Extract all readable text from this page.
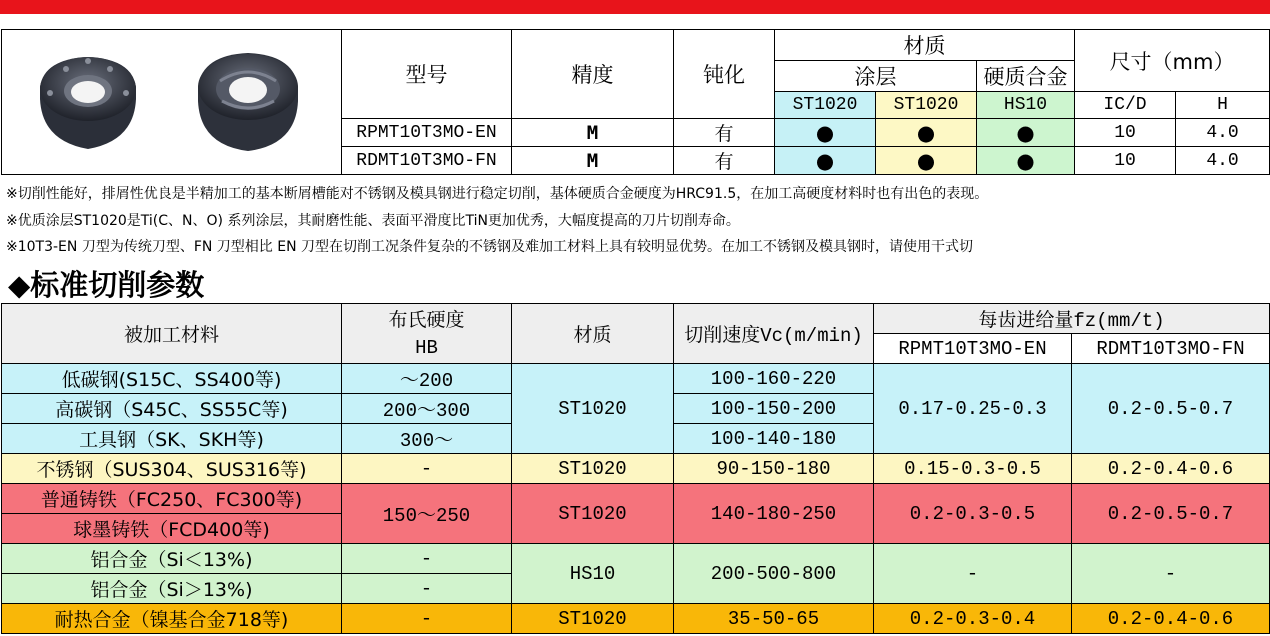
	型号	精度	钝化	材质			尺寸（mm）	
				涂层		硬质合金		
				ST1020	ST1020	HS10	IC/D	H
	RPMT10T3MO-EN	M	有	●	●	●	10	4.0
	RDMT10T3MO-FN	M	有	●	●	●	10	4.0
※切削性能好，排屑性优良是半精加工的基本断屑槽能对不锈钢及模具钢进行稳定切削，基体硬质合金硬度为HRC91.5，在加工高硬度材料时也有出色的表现。
※优质涂层ST1020是Ti(C、N、O) 系列涂层，其耐磨性能、表面平滑度比TiN更加优秀，大幅度提高的刀片切削寿命。
※10T3-EN 刀型为传统刀型、FN 刀型相比 EN 刀型在切削工况条件复杂的不锈钢及难加工材料上具有较明显优势。在加工不锈钢及模具钢时，请使用干式切
◆标准切削参数
被加工材料	布氏硬度	材质	切削速度Vc(m/min)	每齿进给量fz(mm/t)	
	HB			RPMT10T3MO-EN	RDMT10T3MO-FN
低碳钢(S15C、SS400等)	～200	ST1020	100-160-220	0.17-0.25-0.3	0.2-0.5-0.7
高碳钢（S45C、SS55C等)	200～300		100-150-200		
工具钢（SK、SKH等)	300～		100-140-180		
不锈钢（SUS304、SUS316等)	-	ST1020	90-150-180	0.15-0.3-0.5	0.2-0.4-0.6
普通铸铁（FC250、FC300等)	150～250	ST1020	140-180-250	0.2-0.3-0.5	0.2-0.5-0.7
球墨铸铁（FCD400等)					
铝合金（Si＜13%)	-	HS10	200-500-800	-	-
铝合金（Si＞13%)	-				
耐热合金（镍基合金718等)	-	ST1020	35-50-65	0.2-0.3-0.4	0.2-0.4-0.6
